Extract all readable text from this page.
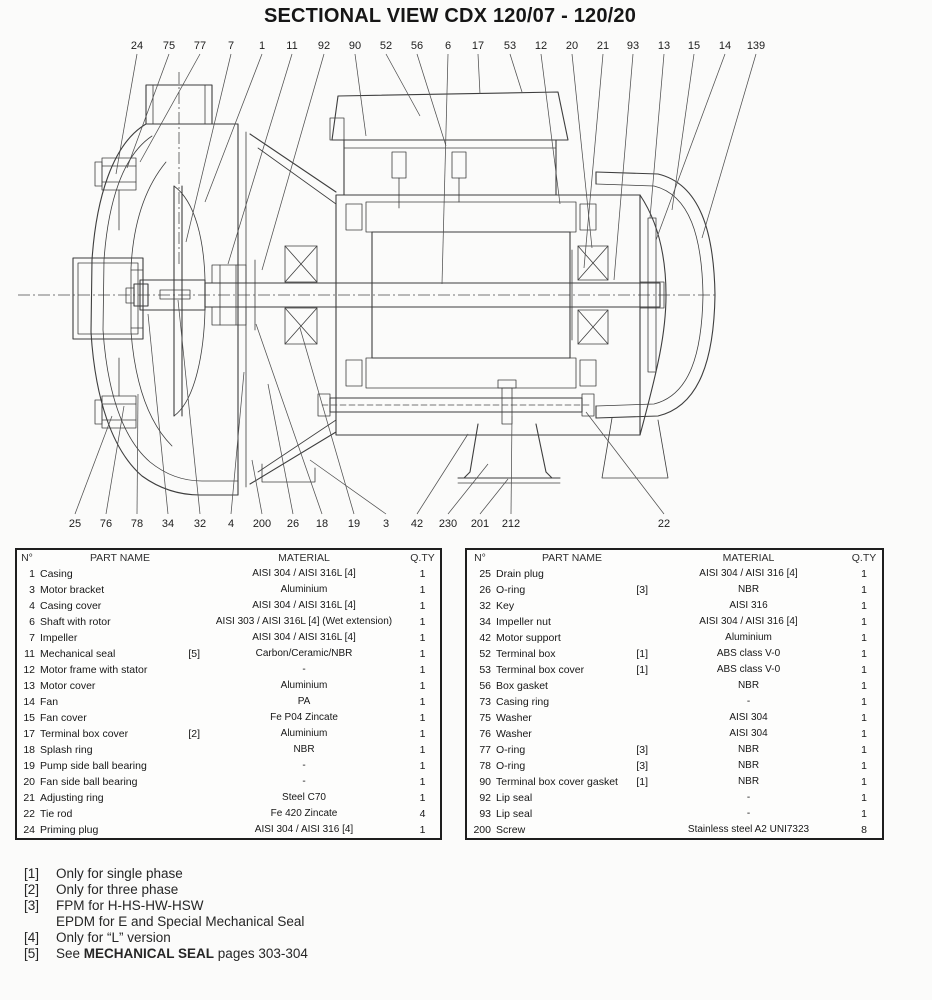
SECTIONAL VIEW CDX 120/07 - 120/20
24 75 77 7 1 11 92 90 52 56 6 17 53 12 20 21 93 13 15 14 139
25 76 78 34 32 4 200 26 18 19 3 42 230 201 212	22
N°	PART NAME	MATERIAL	Q.TY
1	Casing	AISI 304 / AISI 316L [4]	1
3	Motor bracket	Aluminium	1
4	Casing cover	AISI 304 / AISI 316L [4]	1
6	Shaft with rotor	AISI 303 / AISI 316L [4] (Wet extension)	1
7	Impeller	AISI 304 / AISI 316L [4]	1
11	Mechanical seal [5]	Carbon/Ceramic/NBR	1
12	Motor frame with stator	-	1
13	Motor cover	Aluminium	1
14	Fan	PA	1
15	Fan cover	Fe P04 Zincate	1
17	Terminal box cover [2]	Aluminium	1
18	Splash ring	NBR	1
19	Pump side ball bearing	-	1
20	Fan side ball bearing	-	1
21	Adjusting ring	Steel C70	1
22	Tie rod	Fe 420 Zincate	4
24	Priming plug	AISI 304 / AISI 316 [4]	1
N°	PART NAME	MATERIAL	Q.TY
25	Drain plug	AISI 304 / AISI 316 [4]	1
26	O-ring [3]	NBR	1
32	Key	AISI 316	1
34	Impeller nut	AISI 304 / AISI 316 [4]	1
42	Motor support	Aluminium	1
52	Terminal box [1]	ABS class V-0	1
53	Terminal box cover [1]	ABS class V-0	1
56	Box gasket	NBR	1
73	Casing ring	-	1
75	Washer	AISI 304	1
76	Washer	AISI 304	1
77	O-ring [3]	NBR	1
78	O-ring [3]	NBR	1
90	Terminal box cover gasket [1]	NBR	1
92	Lip seal	-	1
93	Lip seal	-	1
200	Screw	Stainless steel A2 UNI7323	8
[1]	Only for single phase
[2]	Only for three phase
[3]	FPM for H-HS-HW-HSW
EPDM for E and Special Mechanical Seal
[4]	Only for “L” version
[5]	See MECHANICAL SEAL pages 303-304
